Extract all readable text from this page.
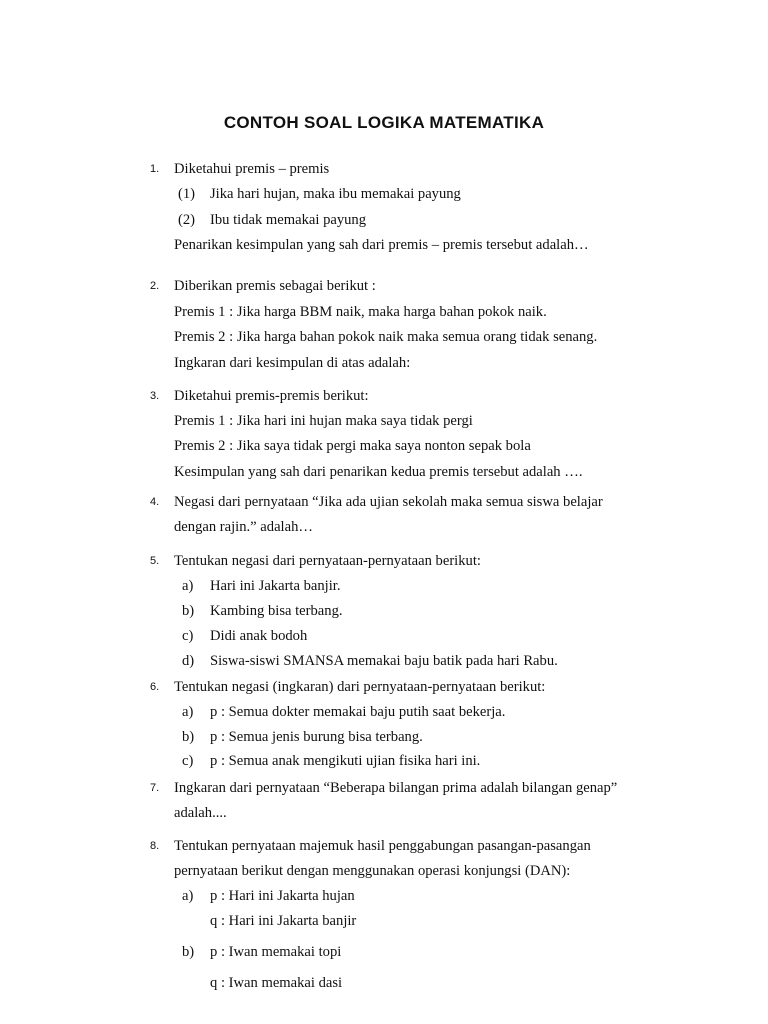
CONTOH SOAL LOGIKA MATEMATIKA
1. Diketahui premis – premis
(1) Jika hari hujan, maka ibu memakai payung
(2) Ibu tidak memakai payung
Penarikan kesimpulan yang sah dari premis – premis tersebut adalah…
2. Diberikan premis sebagai berikut :
Premis 1 : Jika harga BBM naik, maka harga bahan pokok naik.
Premis 2 : Jika harga bahan pokok naik maka semua orang tidak senang.
Ingkaran dari kesimpulan di atas adalah:
3. Diketahui premis-premis berikut:
Premis 1 : Jika hari ini hujan maka saya tidak pergi
Premis 2 : Jika saya tidak pergi maka saya nonton sepak bola
Kesimpulan yang sah dari penarikan kedua premis tersebut adalah ….
4. Negasi dari pernyataan “Jika ada ujian sekolah maka semua siswa belajar
dengan rajin.” adalah…
5. Tentukan negasi dari pernyataan-pernyataan berikut:
a) Hari ini Jakarta banjir.
b) Kambing bisa terbang.
c) Didi anak bodoh
d) Siswa-siswi SMANSA memakai baju batik pada hari Rabu.
6. Tentukan negasi (ingkaran) dari pernyataan-pernyataan berikut:
a) p : Semua dokter memakai baju putih saat bekerja.
b) p : Semua jenis burung bisa terbang.
c) p : Semua anak mengikuti ujian fisika hari ini.
7. Ingkaran dari pernyataan “Beberapa bilangan prima adalah bilangan genap”
adalah....
8. Tentukan pernyataan majemuk hasil penggabungan pasangan-pasangan
pernyataan berikut dengan menggunakan operasi konjungsi (DAN):
a) p : Hari ini Jakarta hujan
q : Hari ini Jakarta banjir
b) p : Iwan memakai topi
q : Iwan memakai dasi
